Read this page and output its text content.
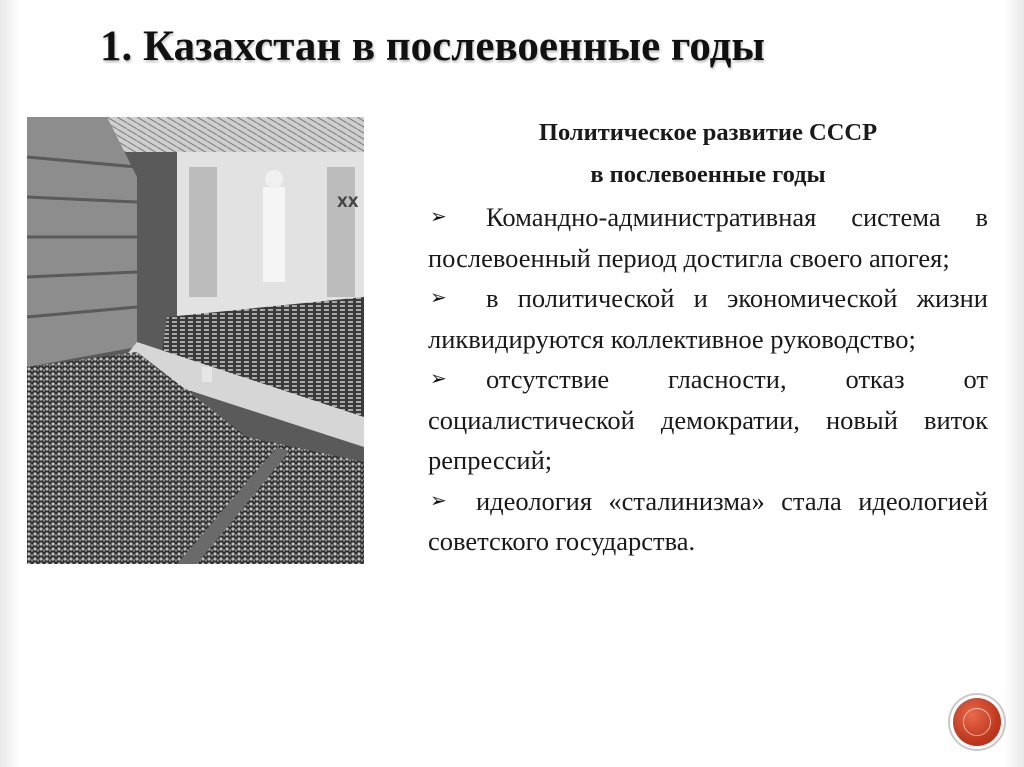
1. Казахстан в послевоенные годы
XX
Политическое развитие СССР
в послевоенные годы
➢	Командно-административная система в послевоенный период достигла своего апогея;
➢	в политической и экономической жизни ликвидируются коллективное руководство;
➢	отсутствие гласности, отказ от социалистической демократии, новый виток репрессий;
➢	идеология «сталинизма» стала идеологией советского государства.
